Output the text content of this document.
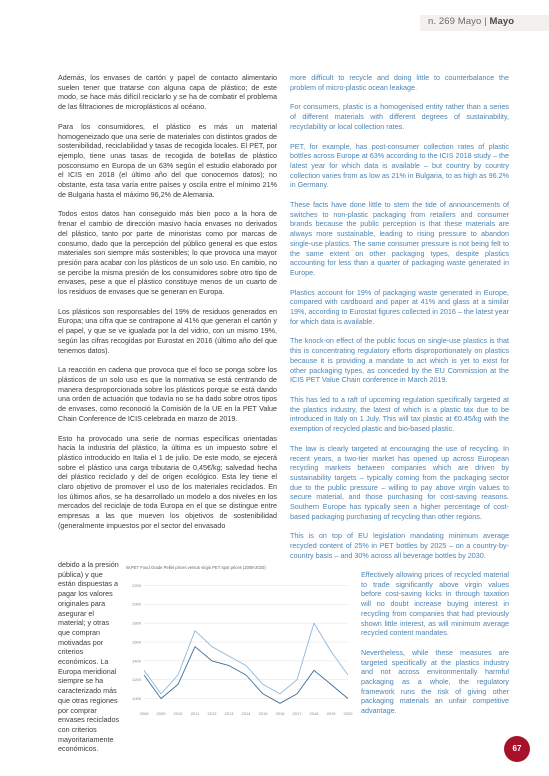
n. 269 Mayo | Mayo

Además, los envases de cartón y papel de contacto alimentario suelen tener que tratarse con alguna capa de plástico; de este modo, se hace más difícil reciclarlo y se ha de combatir el problema de las filtraciones de microplásticos al océano.

Para los consumidores, el plástico es más un material homogeneizado que una serie de materiales con distintos grados de sostenibilidad, reciclabilidad y tasas de recogida locales. El PET, por ejemplo, tiene unas tasas de recogida de botellas de plástico posconsumo en Europa de un 63% según el estudio elaborado por el ICIS en 2018 (el último año del que conocemos datos); no obstante, esta tasa varía entre países y oscila entre el mínimo 21% de Bulgaria hasta el máximo 96,2% de Alemania.

Todos estos datos han conseguido más bien poco a la hora de frenar el cambio de dirección masivo hacia envases no derivados del plástico, tanto por parte de minoristas como por marcas de consumo, dado que la percepción del público general es que estos materiales son siempre más sostenibles; lo que provoca una mayor presión para acabar con los plásticos de un solo uso. En cambio, no se percibe la misma presión de los consumidores sobre otro tipo de envases, pese a que el plástico constituye menos de un cuarto de los residuos de envases que se generan en Europa.

Los plásticos son responsables del 19% de residuos generados en Europa; una cifra que se contrapone al 41% que generan el cartón y el papel, y que se ve igualada por la del vidrio, con un mismo 19%, según las cifras recogidas por Eurostat en 2016 (último año del que tenemos datos).

La reacción en cadena que provoca que el foco se ponga sobre los plásticos de un solo uso es que la normativa se está centrando de manera desproporcionada sobre los plásticos porque se está dando una orden de actuación que todavía no se ha dado sobre otros tipos de envases, como reconoció la Comisión de la UE en la PET Value Chain Conference de ICIS celebrada en marzo de 2019.

Esto ha provocado una serie de normas específicas orientadas hacia la industria del plástico, la última es un impuesto sobre el plástico introducido en Italia el 1 de julio. De este modo, se ejecerá sobre el plástico una carga tributaria de 0,45€/kg; salvedad hecha del plástico reciclado y del de origen ecológico. Esta ley tiene el claro objetivo de promover el uso de los materiales reciclados. En los últimos años, se ha desarrollado un modelo a dos niveles en los mercados del reciclaje de toda Europa en el que se distingue entre empresas a las que mueven los objetivos de sostenibilidad (generalmente impuestos por el sector del envasado

debido a la presión pública) y que están dispuestas a pagar los valores originales para asegurar el material; y otras que compran motivadas por criterios económicos. La Europa meridional siempre se ha caracterizado más que otras regiones por comprar envases reciclados con criterios mayoritariamente económicos.

more difficult to recycle and doing little to counterbalance the problem of micro-plastic ocean leakage.

For consumers, plastic is a homogenised entity rather than a series of different materials with different degrees of sustainability, recyclability or local collection rates.

PET, for example, has post-consumer collection rates of plastic bottles across Europe at 63% according to the ICIS 2018 study – the latest year for which data is available – but country by country collection varies from as low as 21% in Bulgaria, to as high as 96.2% in Germany.

These facts have done little to stem the tide of announcements of switches to non-plastic packaging from retailers and consumer brands because the public perception is that these materials are always more sustainable, leading to rising pressure to abandon single-use plastics. The same consumer pressure is not being felt to the same extent on other packaging types, despite plastics accounting for less than a quarter of packaging waste generated in Europe.

Plastics account for 19% of packaging waste generated in Europe, compared with cardboard and paper at 41% and glass at a similar 19%, according to Eurostat figures collected in 2016 – the latest year for which data is available.

The knock-on effect of the public focus on single-use plastics is that this is concentrating regulatory efforts disproportionately on plastics because it is providing a mandate to act which is yet to exist for other packaging types, as conceded by the EU Commission at the ICIS PET Value Chain conference in March 2019.

This has led to a raft of upcoming regulation specifically targeted at the plastics industry, the latest of which is a plastic tax due to be introduced in Italy on 1 July. This will tax plastic at €0.45/kg with the exemption of recycled plastic and bio-based plastic.

The law is clearly targeted at encouraging the use of recycling. In recent years, a two-tier market has opened up across European recycling markets between companies which are driven by sustainability targets – typically coming from the packaging sector due to the public pressure – willing to pay above virgin values to secure material, and those purchasing for cost-saving reasons. Southern Europe has typically seen a higher percentage of cost-based packaging purchasing of recycling than other regions.

This is on top of EU legislation mandating minimum average recycled content of 25% in PET bottles by 2025 – on a country-by-country basis – and 30% across all beverage bottles by 2030.

Effectively allowing prices of recycled material to trade significantly above virgin values before cost-saving kicks in through taxation will no doubt increase buying interest in recycling from companies that had previously shown little interest, as will minimum average recycled content mandates.

Nevertheless, while these measures are targeted specifically at the plastics industry and not across environmentally harmful packaging as a whole, the regulatory framework runs the risk of giving other packaging materials an unfair competitive advantage.

W.PET Food Grade Pellet prices versus virgin PET spot prices (2008-2020)
1000
1200
1400
1600
1800
2000
2200
2008 2009 2010 2011 2012 2013 2014 2015 2016 2017 2018 2019 2020
67
